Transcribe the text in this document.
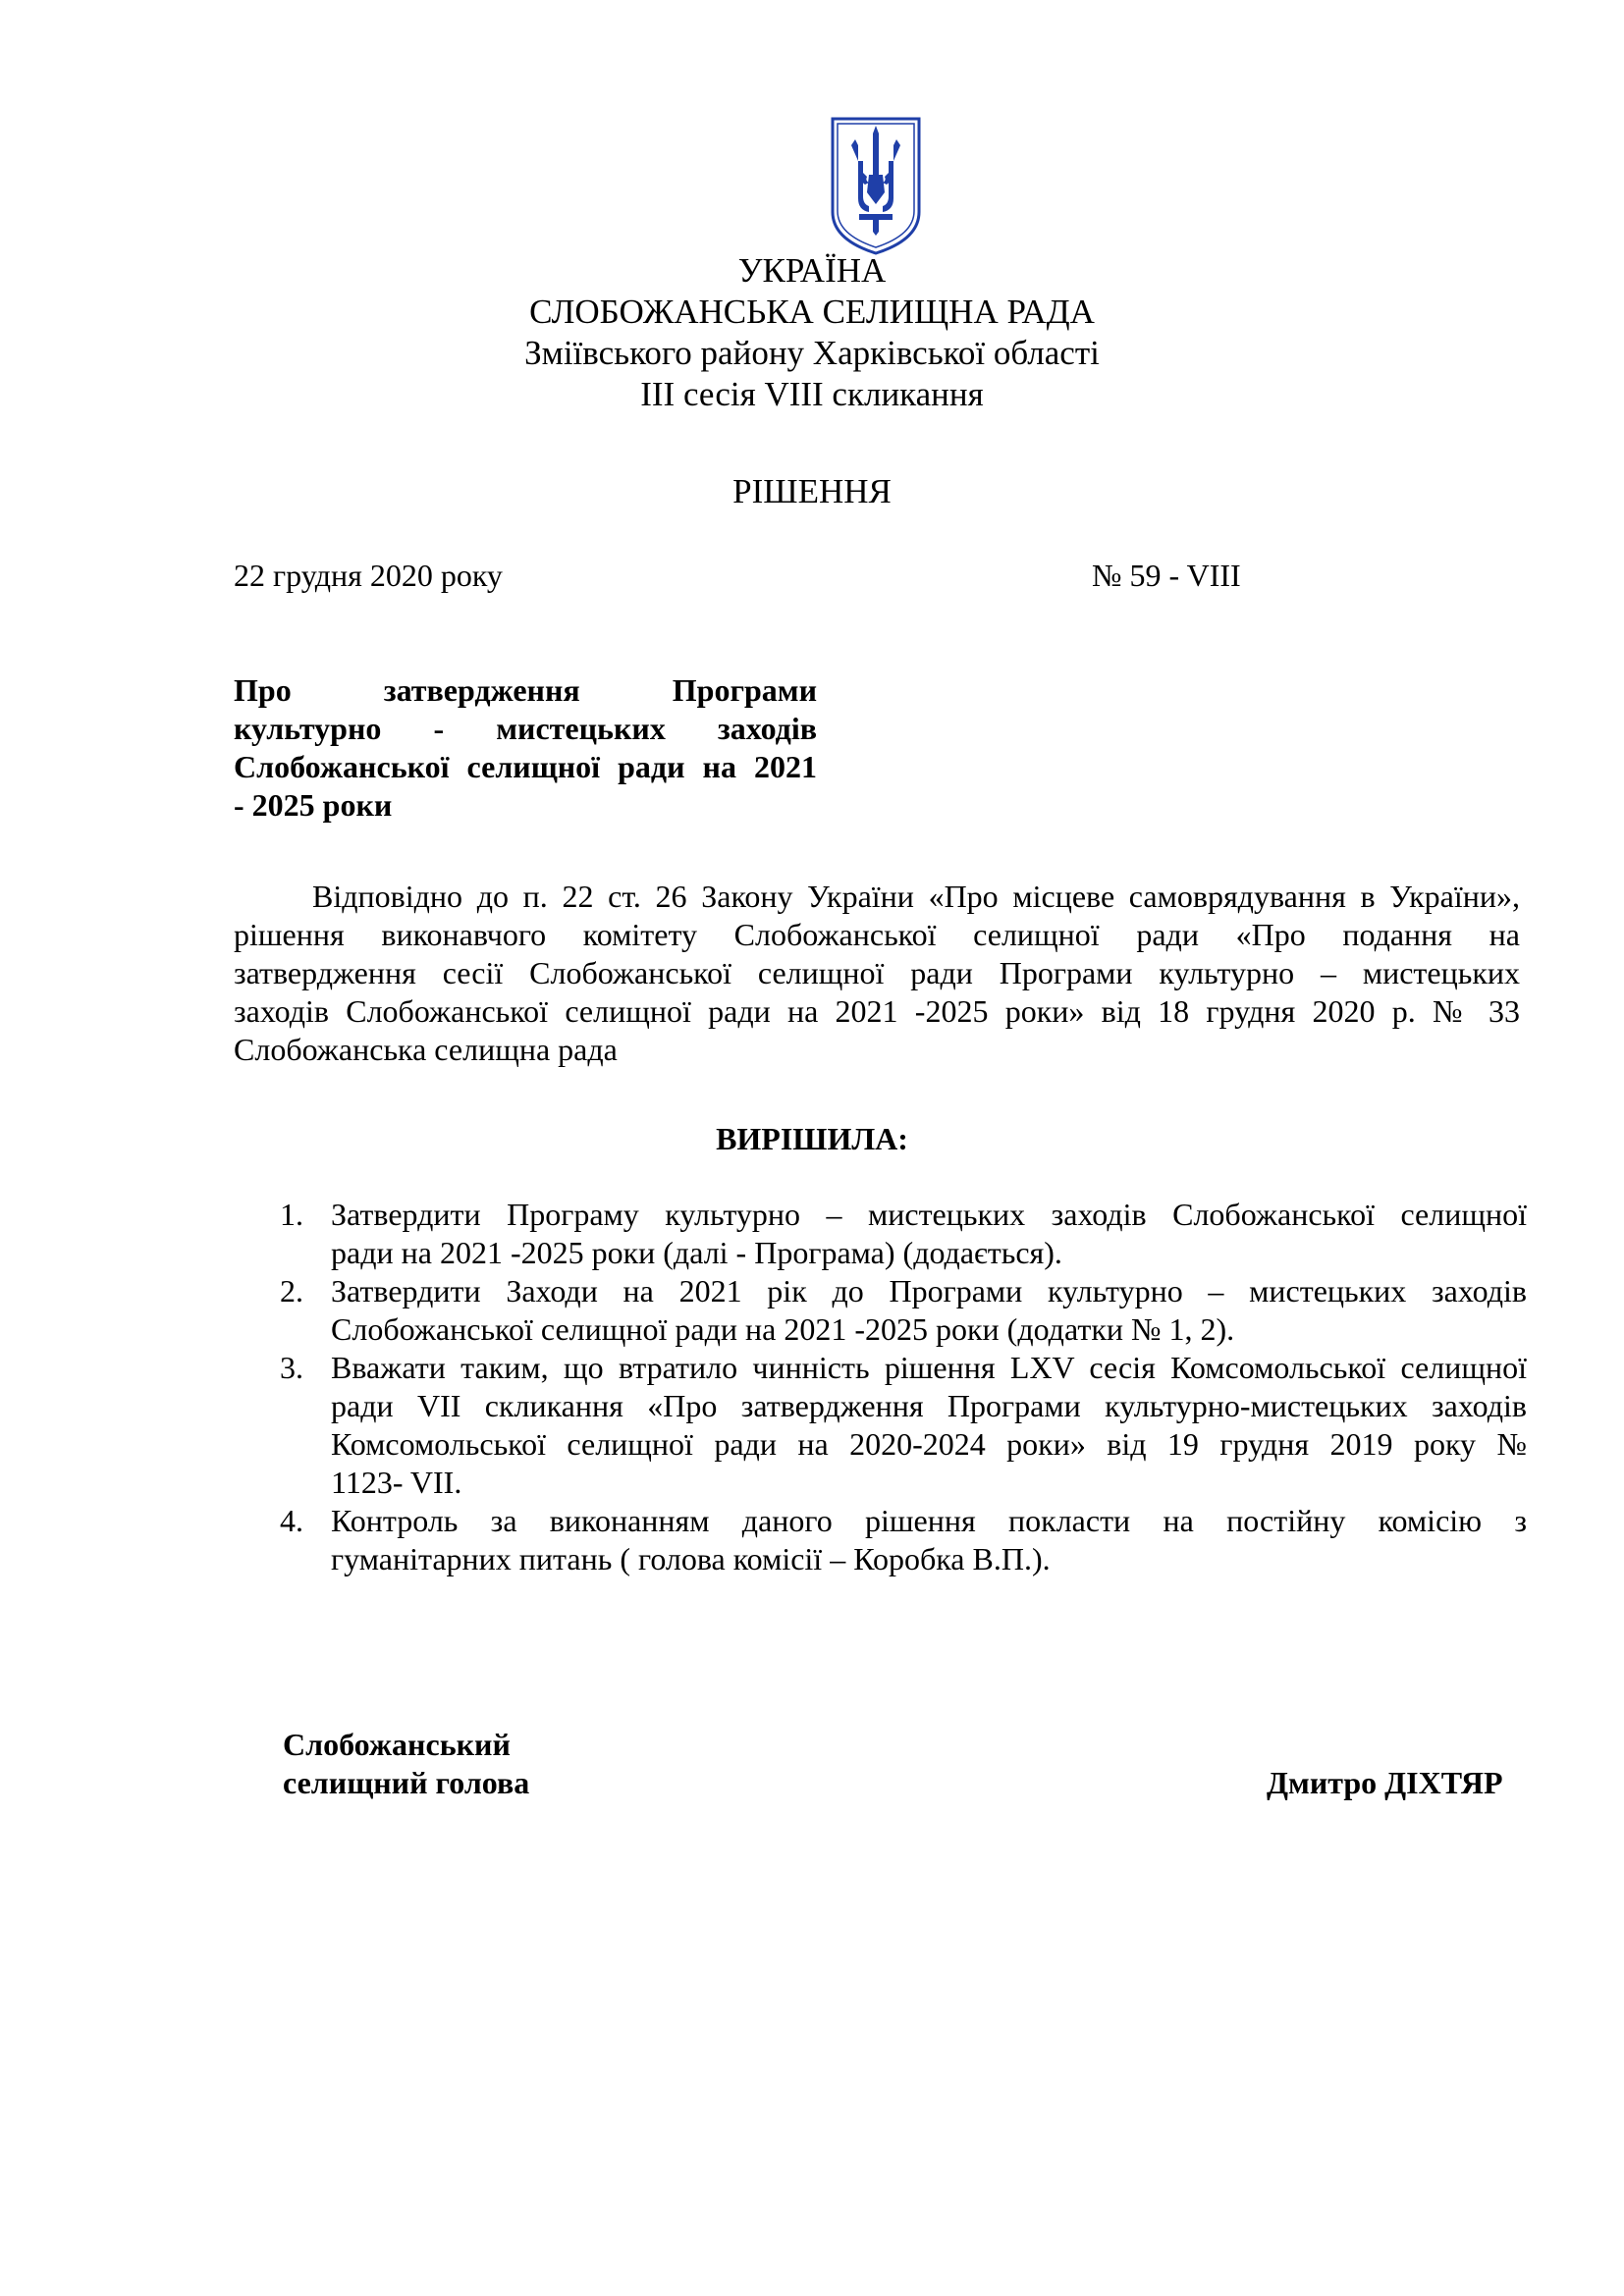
УКРАЇНА
СЛОБОЖАНСЬКА СЕЛИЩНА РАДА
Зміївського району Харківської області
III сесія VIII скликання
РІШЕННЯ
22 грудня 2020 року	№ 59 - VIII
Про затвердження Програми
культурно - мистецьких заходів
Слобожанської селищної ради на 2021
- 2025 роки
Відповідно до п. 22 ст. 26 Закону України «Про місцеве самоврядування в України»,
рішення виконавчого комітету Слобожанської селищної ради «Про подання на
затвердження сесії Слобожанської селищної ради Програми культурно – мистецьких
заходів Слобожанської селищної ради на 2021 -2025 роки» від 18 грудня 2020 р. № 33
Слобожанська селищна рада
ВИРІШИЛА:
1. Затвердити Програму культурно – мистецьких заходів Слобожанської селищної
ради на 2021 -2025 роки (далі - Програма) (додається).
2. Затвердити Заходи на 2021 рік до Програми культурно – мистецьких заходів
Слобожанської селищної ради на 2021 -2025 роки (додатки № 1, 2).
3. Вважати таким, що втратило чинність рішення LXV сесія Комсомольської селищної
ради VII скликання «Про затвердження Програми культурно-мистецьких заходів
Комсомольської селищної ради на 2020-2024 роки» від 19 грудня 2019 року №
1123- VII.
4. Контроль за виконанням даного рішення покласти на постійну комісію з
гуманітарних питань ( голова комісії – Коробка В.П.).
Слобожанський
селищний голова	Дмитро ДІХТЯР
